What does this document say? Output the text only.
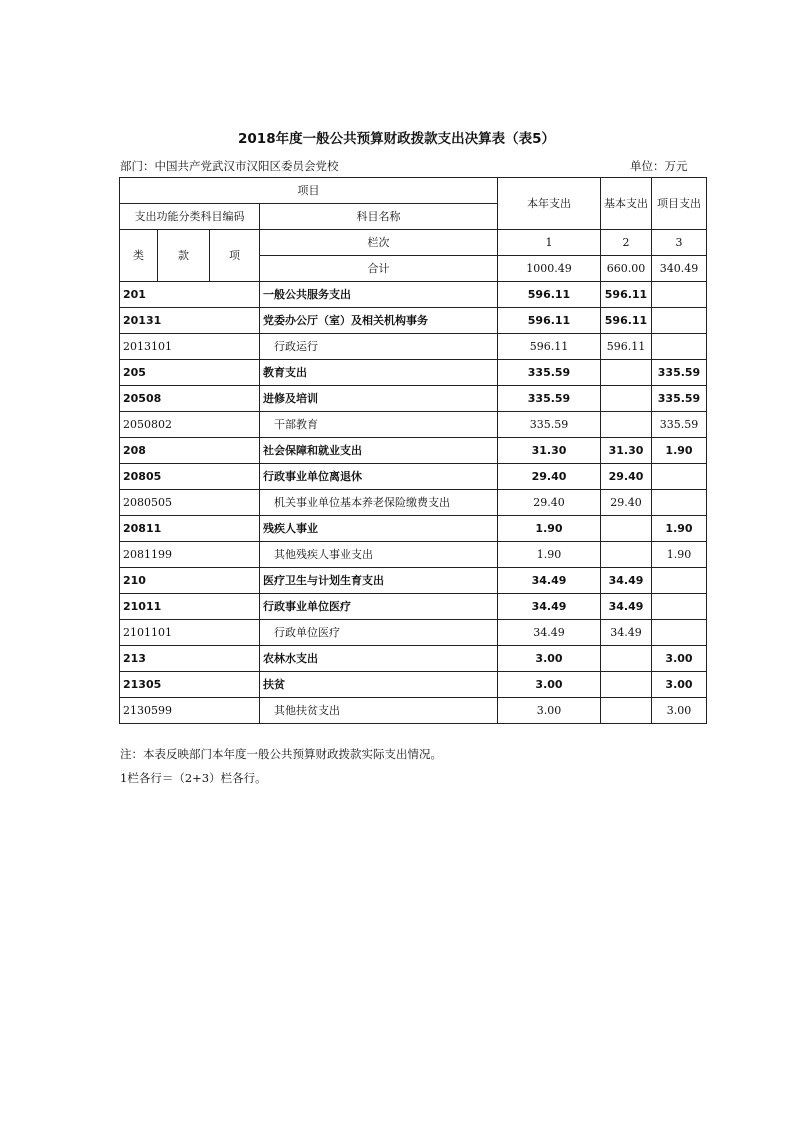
2018年度一般公共预算财政拨款支出决算表（表5）
部门：中国共产党武汉市汉阳区委员会党校	单位：万元
项目				本年支出	基本支出	项目支出
支出功能分类科目编码			科目名称			

类	款	项	栏次	1	2	3
			合计	1000.49	660.00	340.49
201			一般公共服务支出	596.11	596.11	
20131			党委办公厅（室）及相关机构事务	596.11	596.11	
2013101			行政运行	596.11	596.11	
205			教育支出	335.59		335.59
20508			进修及培训	335.59		335.59
2050802			干部教育	335.59		335.59
208			社会保障和就业支出	31.30	31.30	1.90
20805			行政事业单位离退休	29.40	29.40	
2080505			机关事业单位基本养老保险缴费支出	29.40	29.40	
20811			残疾人事业	1.90		1.90
2081199			其他残疾人事业支出	1.90		1.90
210			医疗卫生与计划生育支出	34.49	34.49	
21011			行政事业单位医疗	34.49	34.49	
2101101			行政单位医疗	34.49	34.49	
213			农林水支出	3.00		3.00
21305			扶贫	3.00		3.00
2130599			其他扶贫支出	3.00		3.00
注：本表反映部门本年度一般公共预算财政拨款实际支出情况。
1栏各行＝（2+3）栏各行。
